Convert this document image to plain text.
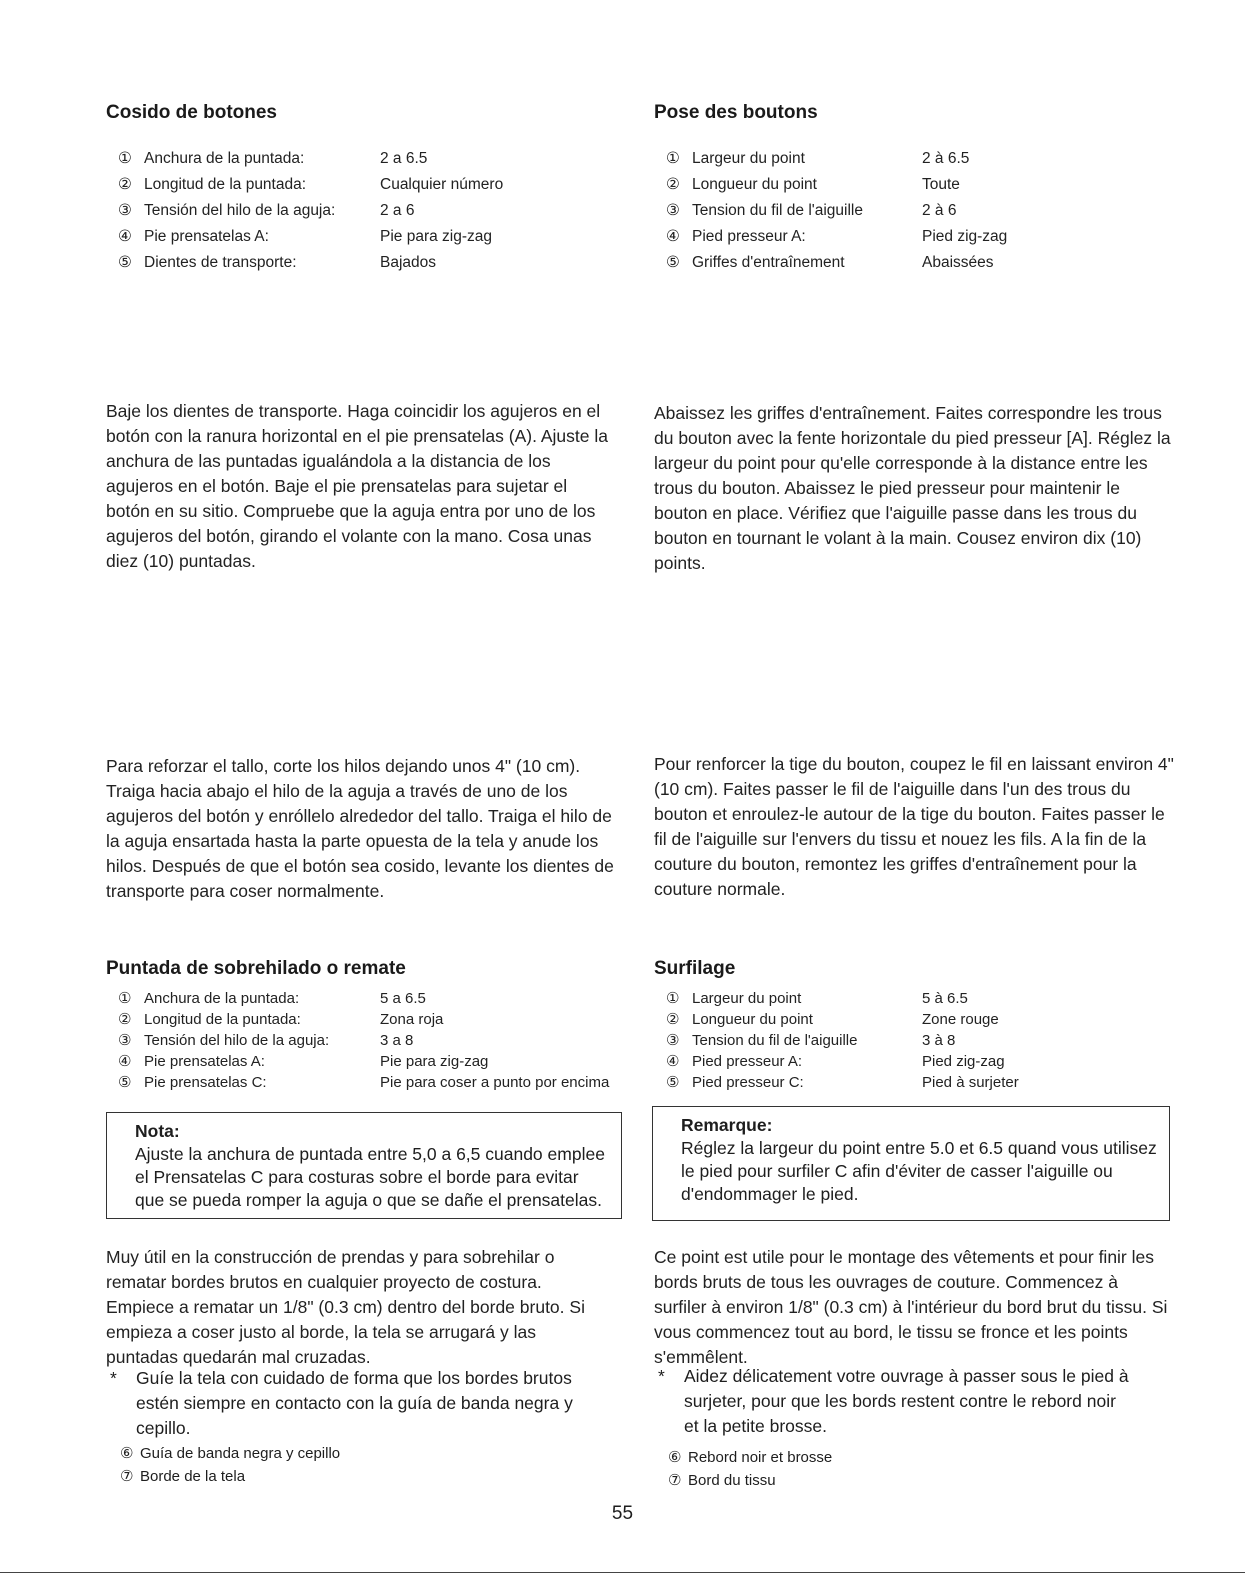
Cosido de botones
① Anchura de la puntada:	2 a 6.5
② Longitud de la puntada:	Cualquier número
③ Tensión del hilo de la aguja:	2 a 6
④ Pie prensatelas A:	Pie para zig-zag
⑤ Dientes de transporte:	Bajados

Baje los dientes de transporte. Haga coincidir los agujeros en el botón con la ranura horizontal en el pie prensatelas (A). Ajuste la anchura de las puntadas igualándola a la distancia de los agujeros en el botón. Baje el pie prensatelas para sujetar el botón en su sitio. Compruebe que la aguja entra por uno de los agujeros del botón, girando el volante con la mano. Cosa unas diez (10) puntadas.

Para reforzar el tallo, corte los hilos dejando unos 4" (10 cm). Traiga hacia abajo el hilo de la aguja a través de uno de los agujeros del botón y enróllelo alrededor del tallo. Traiga el hilo de la aguja ensartada hasta la parte opuesta de la tela y anude los hilos. Después de que el botón sea cosido, levante los dientes de transporte para coser normalmente.

Puntada de sobrehilado o remate
① Anchura de la puntada:	5 a 6.5
② Longitud de la puntada:	Zona roja
③ Tensión del hilo de la aguja:	3 a 8
④ Pie prensatelas A:	Pie para zig-zag
⑤ Pie prensatelas C:	Pie para coser a punto por encima
Nota:
Ajuste la anchura de puntada entre 5,0 a 6,5 cuando emplee el Prensatelas C para costuras sobre el borde para evitar que se pueda romper la aguja o que se dañe el prensatelas.

Muy útil en la construcción de prendas y para sobrehilar o rematar bordes brutos en cualquier proyecto de costura. Empiece a rematar un 1/8" (0.3 cm) dentro del borde bruto. Si empieza a coser justo al borde, la tela se arrugará y las puntadas quedarán mal cruzadas.

*	Guíe la tela con cuidado de forma que los bordes brutos estén siempre en contacto con la guía de banda negra y cepillo.
⑥ Guía de banda negra y cepillo
⑦ Borde de la tela
Pose des boutons
① Largeur du point	2 à 6.5
② Longueur du point	Toute
③ Tension du fil de l'aiguille	2 à 6
④ Pied presseur A:	Pied zig-zag
⑤ Griffes d'entraînement	Abaissées

Abaissez les griffes d'entraînement. Faites correspondre les trous du bouton avec la fente horizontale du pied presseur [A]. Réglez la largeur du point pour qu'elle corresponde à la distance entre les trous du bouton. Abaissez le pied presseur pour maintenir le bouton en place. Vérifiez que l'aiguille passe dans les trous du bouton en tournant le volant à la main. Cousez environ dix (10) points.

Pour renforcer la tige du bouton, coupez le fil en laissant environ 4" (10 cm). Faites passer le fil de l'aiguille dans l'un des trous du bouton et enroulez-le autour de la tige du bouton. Faites passer le fil de l'aiguille sur l'envers du tissu et nouez les fils. A la fin de la couture du bouton, remontez les griffes d'entraînement pour la couture normale.

Surfilage
① Largeur du point	5 à 6.5
② Longueur du point	Zone rouge
③ Tension du fil de l'aiguille	3 à 8
④ Pied presseur A:	Pied zig-zag
⑤ Pied presseur C:	Pied à surjeter
Remarque:
Réglez la largeur du point entre 5.0 et 6.5 quand vous utilisez le pied pour surfiler C afin d'éviter de casser l'aiguille ou d'endommager le pied.

Ce point est utile pour le montage des vêtements et pour finir les bords bruts de tous les ouvrages de couture. Commencez à surfiler à environ 1/8" (0.3 cm) à l'intérieur du bord brut du tissu. Si vous commencez tout au bord, le tissu se fronce et les points s'emmêlent.

*	Aidez délicatement votre ouvrage à passer sous le pied à surjeter, pour que les bords restent contre le rebord noir et la petite brosse.
⑥ Rebord noir et brosse
⑦ Bord du tissu
55
